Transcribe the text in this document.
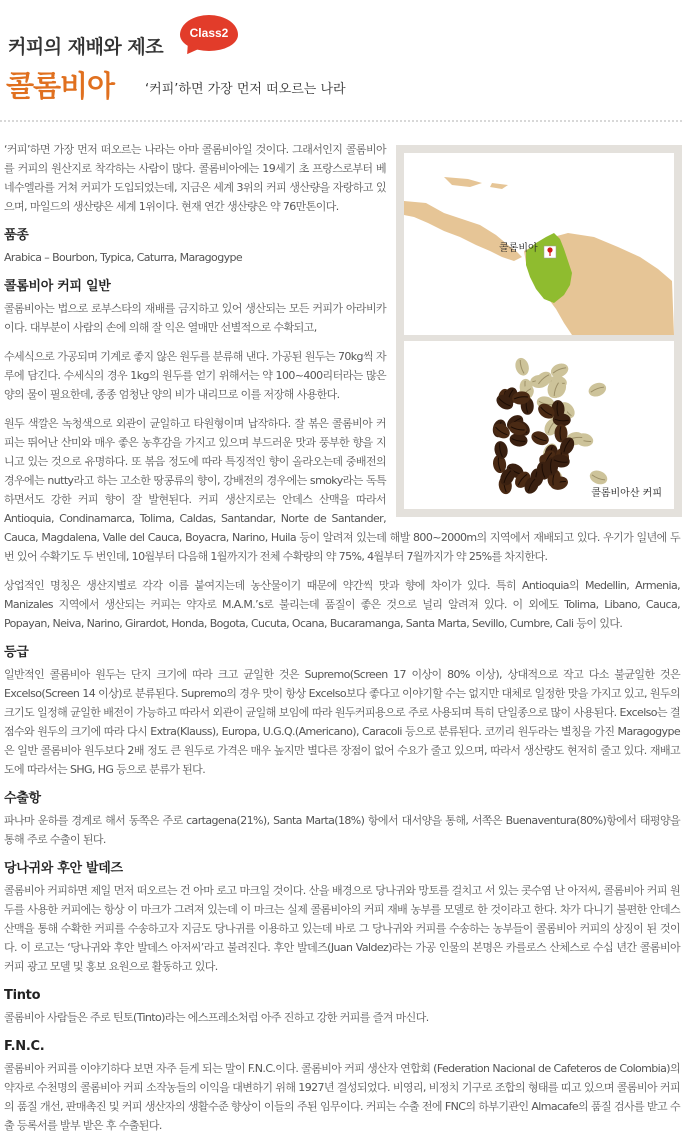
커피의 재배와 제조
Class2
콜롬비아 ‘커피’하면 가장 먼저 떠오르는 나라
콜롬비아
콜롬비아산 커피

‘커피’하면 가장 먼저 떠오르는 나라는 아마 콜롬비아일 것이다. 그래서인지 콜롬비아를 커피의 원산지로 착각하는 사람이 많다. 콜롬비아에는 19세기 초 프랑스로부터 베네수엘라를 거쳐 커피가 도입되었는데, 지금은 세계 3위의 커피 생산량을 자랑하고 있으며, 마일드의 생산량은 세계 1위이다. 현재 연간 생산량은 약 76만톤이다.

품종

Arabica – Bourbon, Typica, Caturra, Maragogype

콜롬비아 커피 일반

콜롬비아는 법으로 로부스타의 재배를 금지하고 있어 생산되는 모든 커피가 아라비카이다. 대부분이 사람의 손에 의해 잘 익은 열매만 선별적으로 수확되고,

수세식으로 가공되며 기계로 좋지 않은 원두를 분류해 낸다. 가공된 원두는 70kg씩 자루에 담긴다. 수세식의 경우 1kg의 원두를 얻기 위해서는 약 100~400리터라는 많은 양의 물이 필요한데, 종종 엄청난 양의 비가 내리므로 이를 저장해 사용한다.

원두 색깔은 녹청색으로 외관이 균일하고 타원형이며 납작하다. 잘 볶은 콜롬비아 커피는 뛰어난 산미와 매우 좋은 농후감을 가지고 있으며 부드러운 맛과 풍부한 향을 지니고 있는 것으로 유명하다. 또 볶음 정도에 따라 특징적인 향이 올라오는데 중배전의 경우에는 nutty라고 하는 고소한 땅콩류의 향이, 강배전의 경우에는 smoky라는 독특하면서도 강한 커피 향이 잘 발현된다. 커피 생산지로는 안데스 산맥을 따라서Antioquia, Condinamarca, Tolima, Caldas, Santandar, Norte de Santander, Cauca, Magdalena, Valle del Cauca, Boyacra, Narino, Huila 등이 알려져 있는데 해발 800~2000m의 지역에서 재배되고 있다. 우기가 일년에 두 번 있어 수확기도 두 번인데, 10월부터 다음해 1월까지가 전체 수확량의 약 75%, 4월부터 7월까지가 약 25%를 차지한다.

상업적인 명칭은 생산지별로 각각 이름 붙여지는데 농산물이기 때문에 약간씩 맛과 향에 차이가 있다. 특히 Antioquia의 Medellin, Armenia, Manizales 지역에서 생산되는 커피는 약자로 M.A.M.’s로 불리는데 품질이 좋은 것으로 널리 알려져 있다. 이 외에도 Tolima, Libano, Cauca, Popayan, Neiva, Narino, Girardot, Honda, Bogota, Cucuta, Ocana, Bucaramanga, Santa Marta, Sevillo, Cumbre, Cali 등이 있다.

등급

일반적인 콜롬비아 원두는 단지 크기에 따라 크고 균일한 것은 Supremo(Screen 17 이상이 80% 이상), 상대적으로 작고 다소 불균일한 것은 Excelso(Screen 14 이상)로 분류된다. Supremo의 경우 맛이 항상 Excelso보다 좋다고 이야기할 수는 없지만 대체로 일정한 맛을 가지고 있고, 원두의 크기도 일정해 균일한 배전이 가능하고 따라서 외관이 균일해 보임에 따라 원두커피용으로 주로 사용되며 특히 단일종으로 많이 사용된다. Excelso는 결점수와 원두의 크기에 따라 다시 Extra(Klauss), Europa, U.G.Q.(Americano), Caracoli 등으로 분류된다. 코끼리 원두라는 별칭을 가진 Maragogype은 일반 콜롬비아 원두보다 2배 정도 큰 원두로 가격은 매우 높지만 별다른 장점이 없어 수요가 줄고 있으며, 따라서 생산량도 현저히 줄고 있다. 재배고도에 따라서는 SHG, HG 등으로 분류가 된다.

수출항

파나마 운하를 경계로 해서 동쪽은 주로 cartagena(21%), Santa Marta(18%) 항에서 대서양을 통해, 서쪽은 Buenaventura(80%)항에서 태평양을 통해 주로 수출이 된다.

당나귀와 후안 발데즈

콜롬비아 커피하면 제일 먼저 떠오르는 건 아마 로고 마크일 것이다. 산을 배경으로 당나귀와 망토를 걸치고 서 있는 콧수염 난 아저씨, 콜롬비아 커피 원두를 사용한 커피에는 항상 이 마크가 그려져 있는데 이 마크는 실제 콜롬비아의 커피 재배 농부를 모델로 한 것이라고 한다. 차가 다니기 불편한 안데스 산맥을 통해 수확한 커피를 수송하고자 지금도 당나귀를 이용하고 있는데 바로 그 당나귀와 커피를 수송하는 농부들이 콜롬비아 커피의 상징이 된 것이다. 이 로고는 ‘당나귀와 후안 발데스 아저씨’라고 불려진다. 후안 발데즈(Juan Valdez)라는 가공 인물의 본명은 카를로스 산체스로 수십 년간 콜롬비아 커피 광고 모델 및 홍보 요원으로 활동하고 있다.

Tinto

콜롬비아 사람들은 주로 틴토(Tinto)라는 에스프레소처럼 아주 진하고 강한 커피를 즐겨 마신다.

F.N.C.

콜롬비아 커피를 이야기하다 보면 자주 듣게 되는 말이 F.N.C.이다. 콜롬비아 커피 생산자 연합회 (Federation Nacional de Cafeteros de Colombia)의 약자로 수천명의 콜롬비아 커피 소작농들의 이익을 대변하기 위해 1927년 결성되었다. 비영리, 비정치 기구로 조합의 형태를 띠고 있으며 콜롬비아 커피의 품질 개선, 판매촉진 및 커피 생산자의 생활수준 향상이 이들의 주된 임무이다. 커피는 수출 전에 FNC의 하부기관인 Almacafe의 품질 검사를 받고 수출 등록서를 발부 받은 후 수출된다.
